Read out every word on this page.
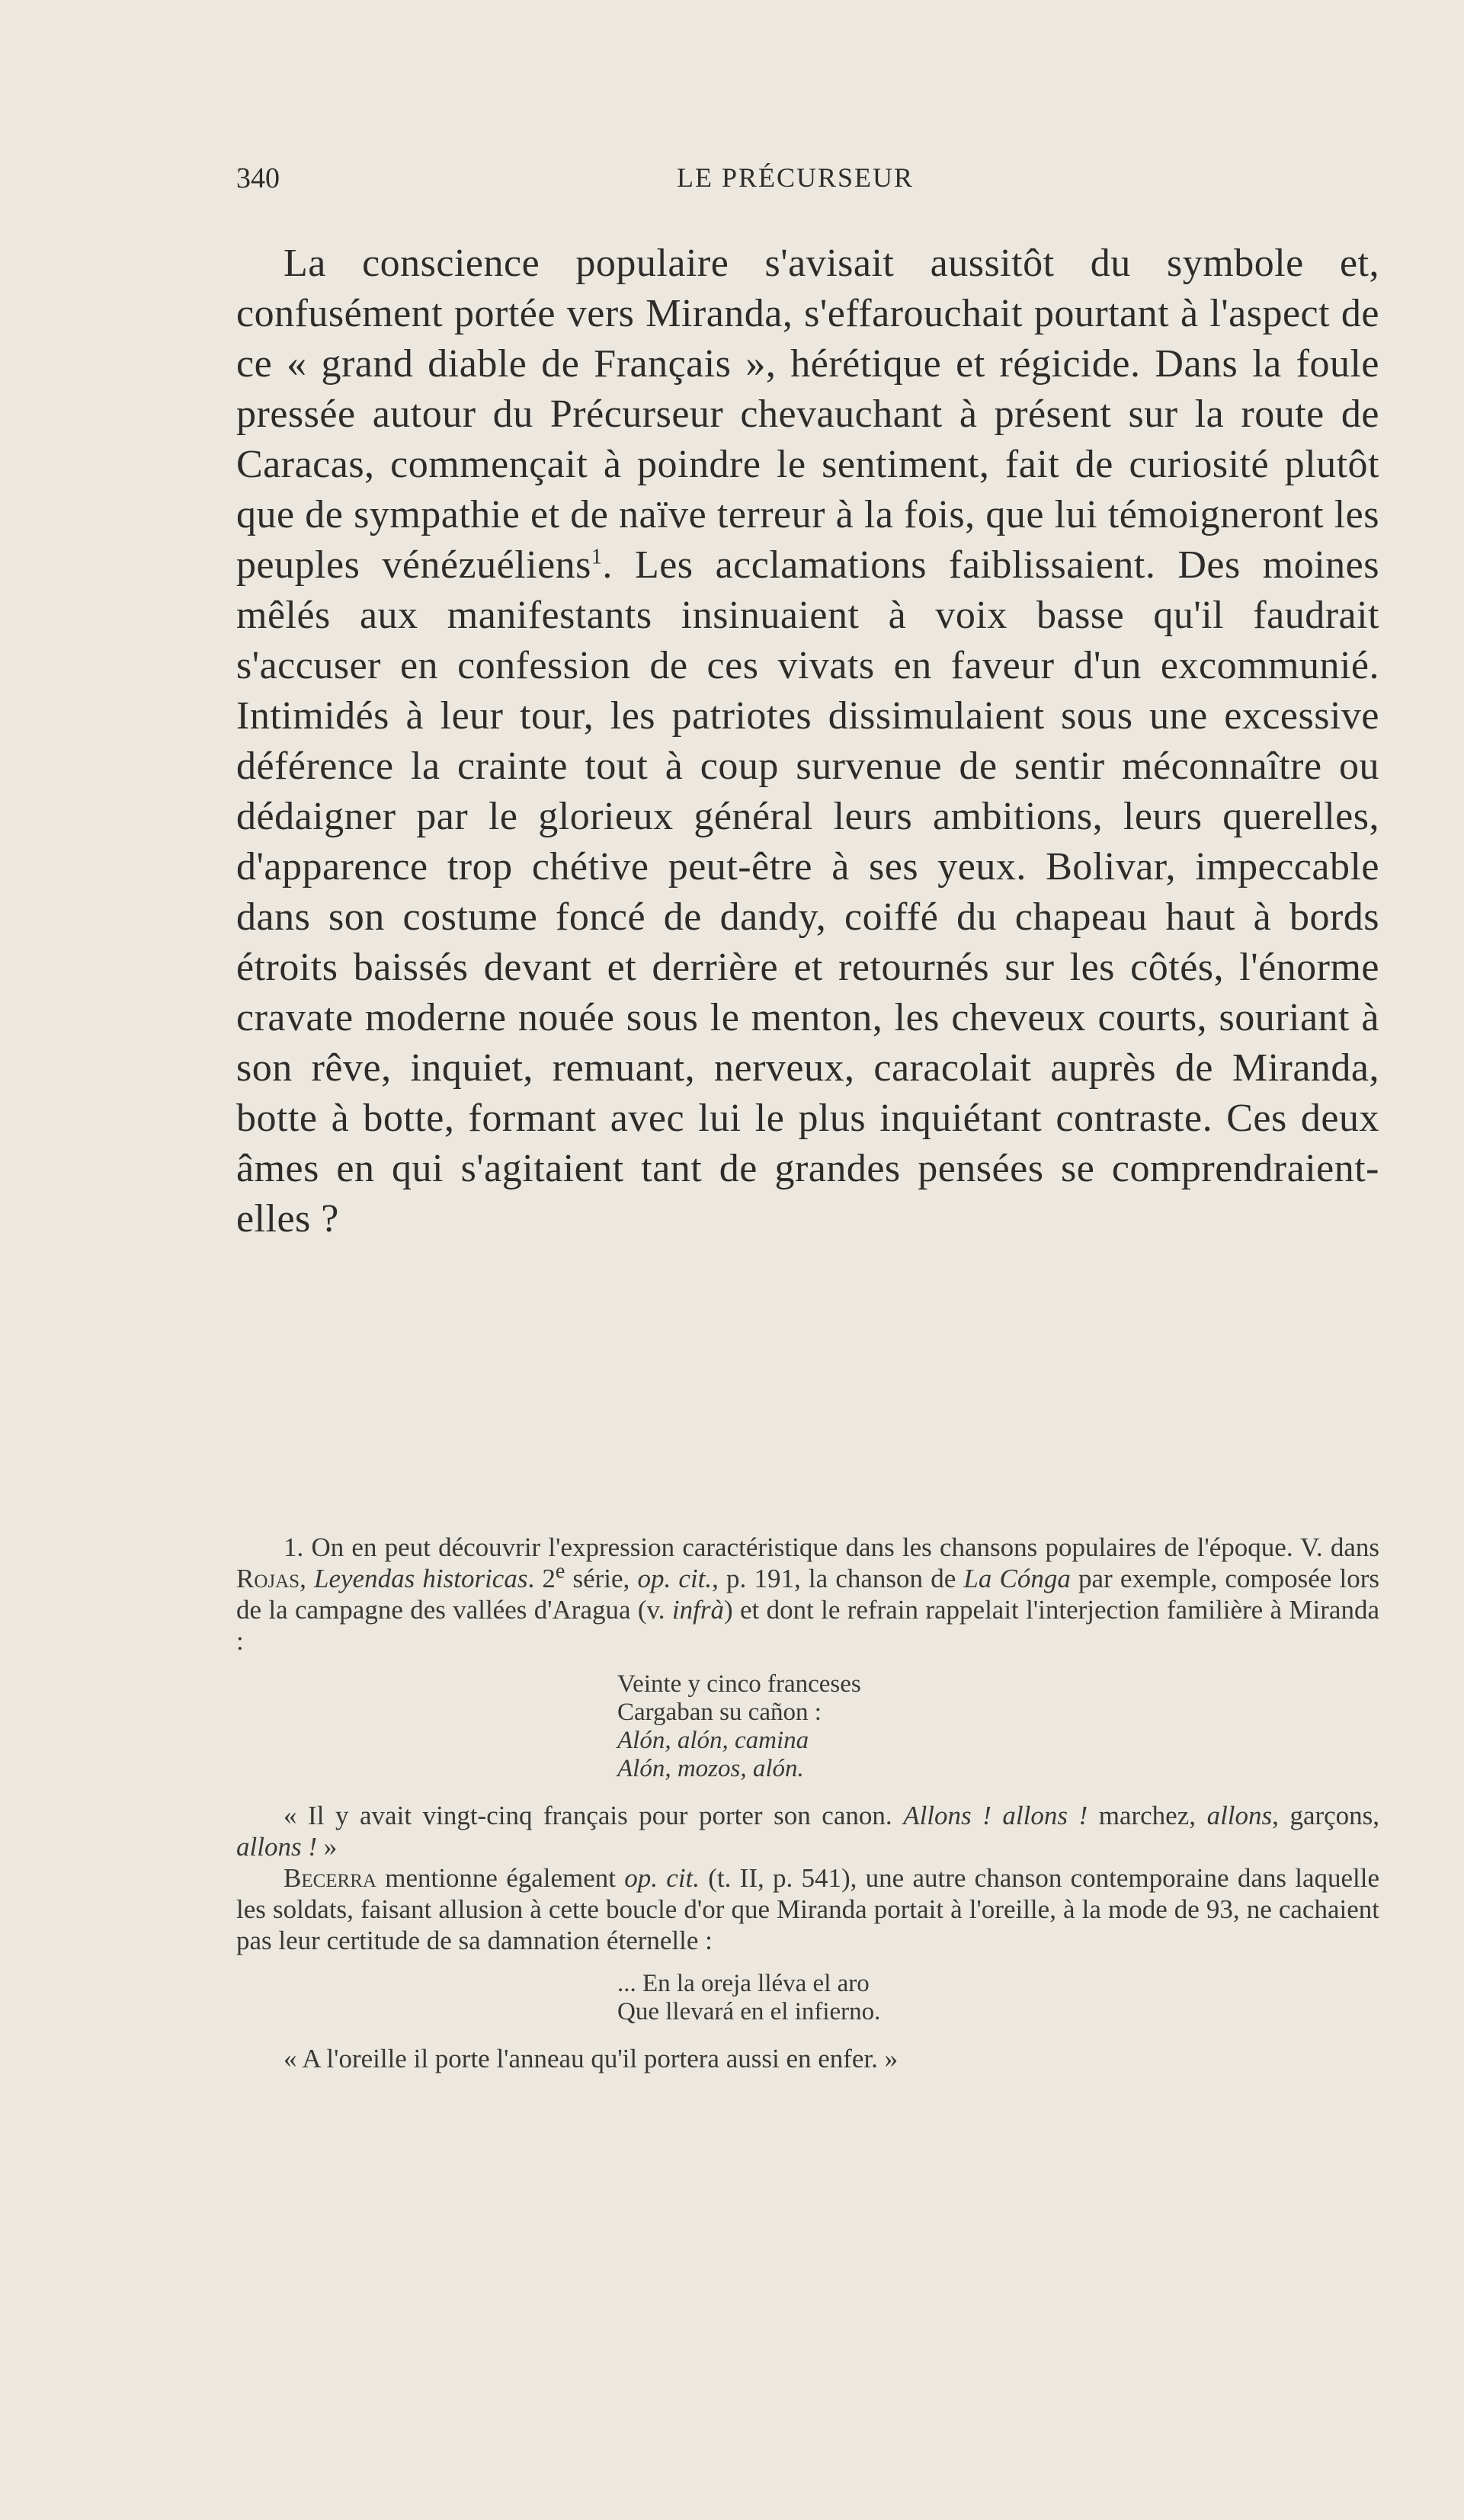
340	LE PRÉCURSEUR

La conscience populaire s'avisait aussitôt du symbole et, confusément portée vers Miranda, s'effarouchait pourtant à l'aspect de ce « grand diable de Français », hérétique et régicide. Dans la foule pressée autour du Précurseur chevauchant à présent sur la route de Caracas, commençait à poindre le sentiment, fait de curiosité plutôt que de sympathie et de naïve terreur à la fois, que lui témoigneront les peuples vénézuéliens$^1$. Les acclamations faiblissaient. Des moines mêlés aux manifestants insinuaient à voix basse qu'il faudrait s'accuser en confession de ces vivats en faveur d'un excommunié. Intimidés à leur tour, les patriotes dissimulaient sous une excessive déférence la crainte tout à coup survenue de sentir méconnaître ou dédaigner par le glorieux général leurs ambitions, leurs querelles, d'apparence trop chétive peut-être à ses yeux. Bolivar, impeccable dans son costume foncé de dandy, coiffé du chapeau haut à bords étroits baissés devant et derrière et retournés sur les côtés, l'énorme cravate moderne nouée sous le menton, les cheveux courts, souriant à son rêve, inquiet, remuant, nerveux, caracolait auprès de Miranda, botte à botte, formant avec lui le plus inquiétant contraste. Ces deux âmes en qui s'agitaient tant de grandes pensées se comprendraient-elles ?

1. On en peut découvrir l'expression caractéristique dans les chansons populaires de l'époque. V. dans Rojas, Leyendas historicas. 2e série, op. cit., p. 191, la chanson de La Cónga par exemple, composée lors de la campagne des vallées d'Aragua (v. infrà) et dont le refrain rappelait l'interjection familière à Miranda :

Veinte y cinco franceses
Cargaban su cañon :
Alón, alón, camina
Alón, mozos, alón.

« Il y avait vingt-cinq français pour porter son canon. Allons ! allons ! marchez, allons, garçons, allons ! »

Becerra mentionne également op. cit. (t. II, p. 541), une autre chanson contemporaine dans laquelle les soldats, faisant allusion à cette boucle d'or que Miranda portait à l'oreille, à la mode de 93, ne cachaient pas leur certitude de sa damnation éternelle :

... En la oreja lléva el aro
Que llevará en el infierno.

« A l'oreille il porte l'anneau qu'il portera aussi en enfer. »
